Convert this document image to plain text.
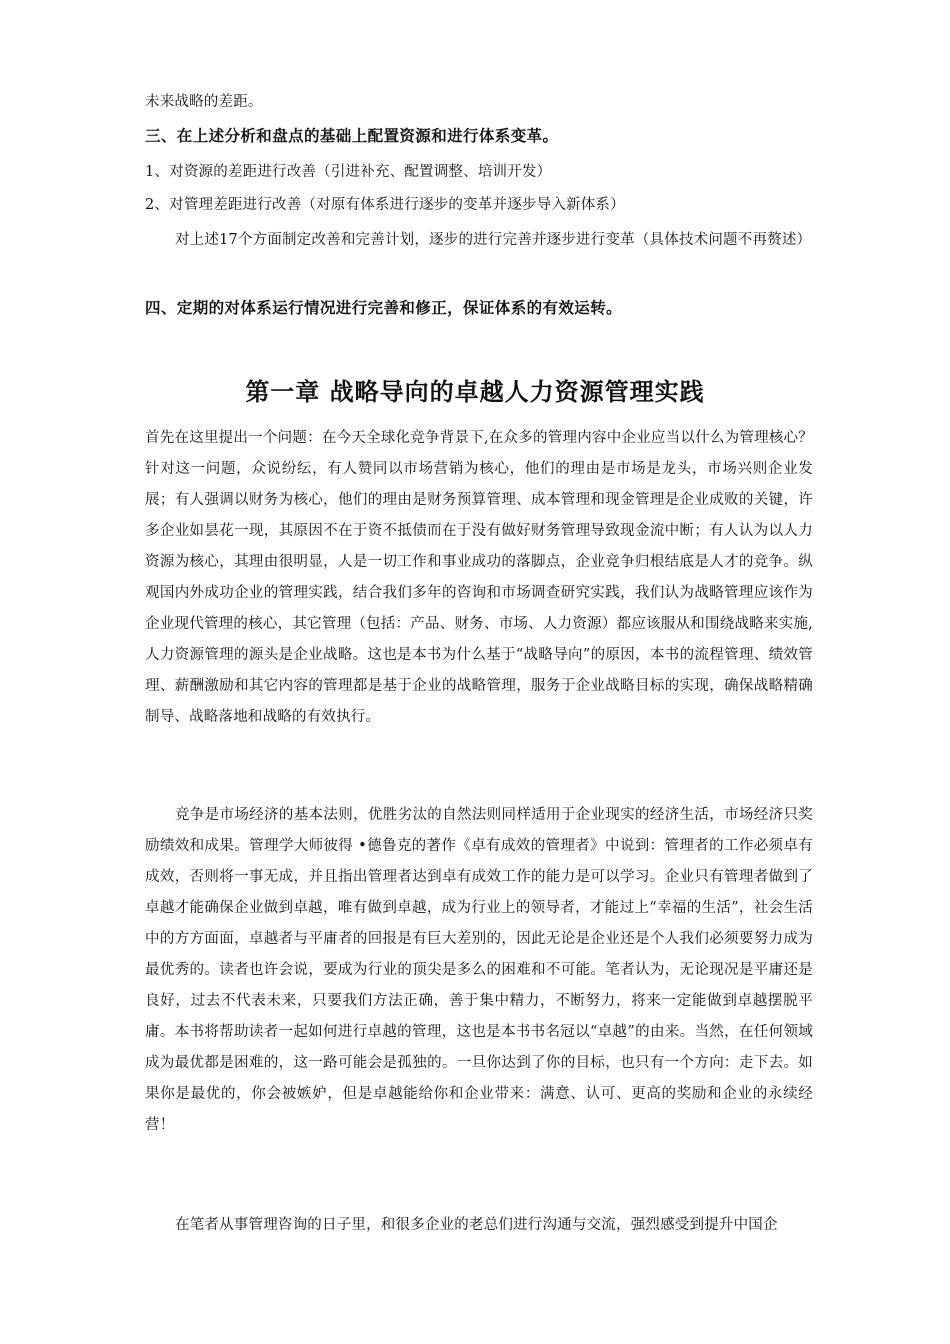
未来战略的差距。

三、在上述分析和盘点的基础上配置资源和进行体系变革。

1、对资源的差距进行改善（引进补充、配置调整、培训开发）

2、对管理差距进行改善（对原有体系进行逐步的变革并逐步导入新体系）

对上述17个方面制定改善和完善计划，逐步的进行完善并逐步进行变革（具体技术问题不再赘述）

四、定期的对体系运行情况进行完善和修正，保证体系的有效运转。

第一章 战略导向的卓越人力资源管理实践

首先在这里提出一个问题：在今天全球化竞争背景下,在众多的管理内容中企业应当以什么为管理核心？针对这一问题，众说纷纭，有人赞同以市场营销为核心，他们的理由是市场是龙头，市场兴则企业发展；有人强调以财务为核心，他们的理由是财务预算管理、成本管理和现金管理是企业成败的关键，许多企业如昙花一现，其原因不在于资不抵债而在于没有做好财务管理导致现金流中断；有人认为以人力资源为核心，其理由很明显，人是一切工作和事业成功的落脚点，企业竞争归根结底是人才的竞争。纵观国内外成功企业的管理实践，结合我们多年的咨询和市场调查研究实践，我们认为战略管理应该作为企业现代管理的核心，其它管理（包括：产品、财务、市场、人力资源）都应该服从和围绕战略来实施,人力资源管理的源头是企业战略。这也是本书为什么基于“战略导向”的原因，本书的流程管理、绩效管理、薪酬激励和其它内容的管理都是基于企业的战略管理，服务于企业战略目标的实现，确保战略精确制导、战略落地和战略的有效执行。

竞争是市场经济的基本法则，优胜劣汰的自然法则同样适用于企业现实的经济生活，市场经济只奖励绩效和成果。管理学大师彼得 •德鲁克的著作《卓有成效的管理者》中说到：管理者的工作必须卓有成效，否则将一事无成，并且指出管理者达到卓有成效工作的能力是可以学习。企业只有管理者做到了卓越才能确保企业做到卓越，唯有做到卓越，成为行业上的领导者，才能过上“幸福的生活”，社会生活中的方方面面，卓越者与平庸者的回报是有巨大差别的，因此无论是企业还是个人我们必须要努力成为最优秀的。读者也许会说，要成为行业的顶尖是多么的困难和不可能。笔者认为，无论现况是平庸还是良好，过去不代表未来，只要我们方法正确，善于集中精力，不断努力，将来一定能做到卓越摆脱平庸。本书将帮助读者一起如何进行卓越的管理，这也是本书书名冠以“卓越”的由来。当然，在任何领域成为最优都是困难的，这一路可能会是孤独的。一旦你达到了你的目标，也只有一个方向：走下去。如果你是最优的，你会被嫉妒，但是卓越能给你和企业带来：满意、认可、更高的奖励和企业的永续经营！

在笔者从事管理咨询的日子里，和很多企业的老总们进行沟通与交流，强烈感受到提升中国企
